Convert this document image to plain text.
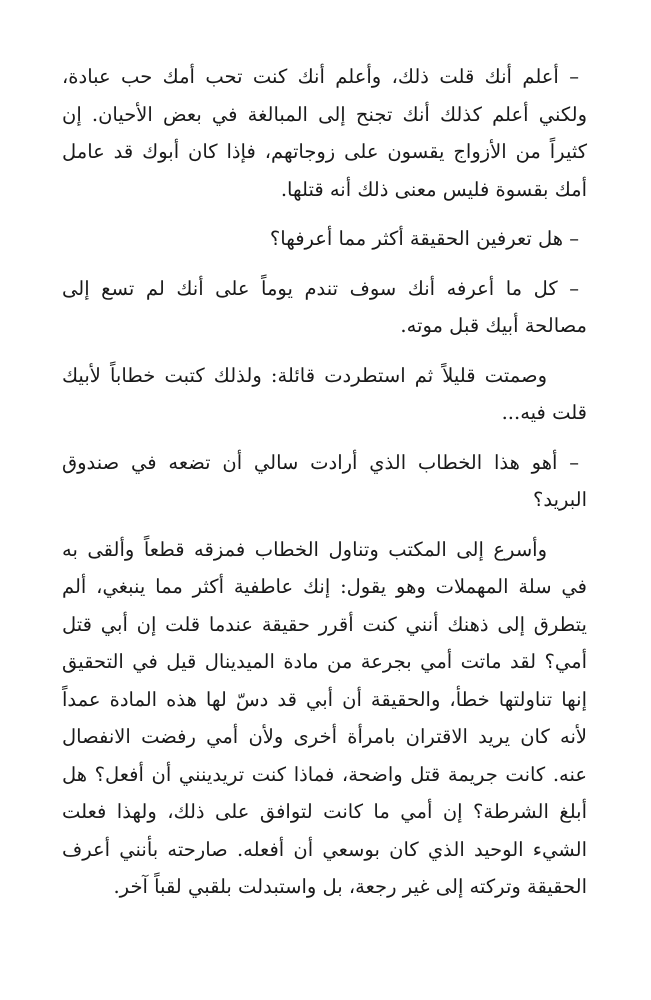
– أعلم أنك قلت ذلك، وأعلم أنك كنت تحب أمك حب عبادة، ولكني أعلم كذلك أنك تجنح إلى المبالغة في بعض الأحيان. إن كثيراً من الأزواج يقسون على زوجاتهم، فإذا كان أبوك قد عامل أمك بقسوة فليس معنى ذلك أنه قتلها.

– هل تعرفين الحقيقة أكثر مما أعرفها؟

– كل ما أعرفه أنك سوف تندم يوماً على أنك لم تسع إلى مصالحة أبيك قبل موته.

وصمتت قليلاً ثم استطردت قائلة: ولذلك كتبت خطاباً لأبيك قلت فيه...

– أهو هذا الخطاب الذي أرادت سالي أن تضعه في صندوق البريد؟

وأسرع إلى المكتب وتناول الخطاب فمزقه قطعاً وألقى به في سلة المهملات وهو يقول: إنك عاطفية أكثر مما ينبغي، ألم يتطرق إلى ذهنك أنني كنت أقرر حقيقة عندما قلت إن أبي قتل أمي؟ لقد ماتت أمي بجرعة من مادة الميدينال قيل في التحقيق إنها تناولتها خطأ، والحقيقة أن أبي قد دسّ لها هذه المادة عمداً لأنه كان يريد الاقتران بامرأة أخرى ولأن أمي رفضت الانفصال عنه. كانت جريمة قتل واضحة، فماذا كنت تريدينني أن أفعل؟ هل أبلغ الشرطة؟ إن أمي ما كانت لتوافق على ذلك، ولهذا فعلت الشيء الوحيد الذي كان بوسعي أن أفعله. صارحته بأنني أعرف الحقيقة وتركته إلى غير رجعة، بل واستبدلت بلقبي لقباً آخر.
